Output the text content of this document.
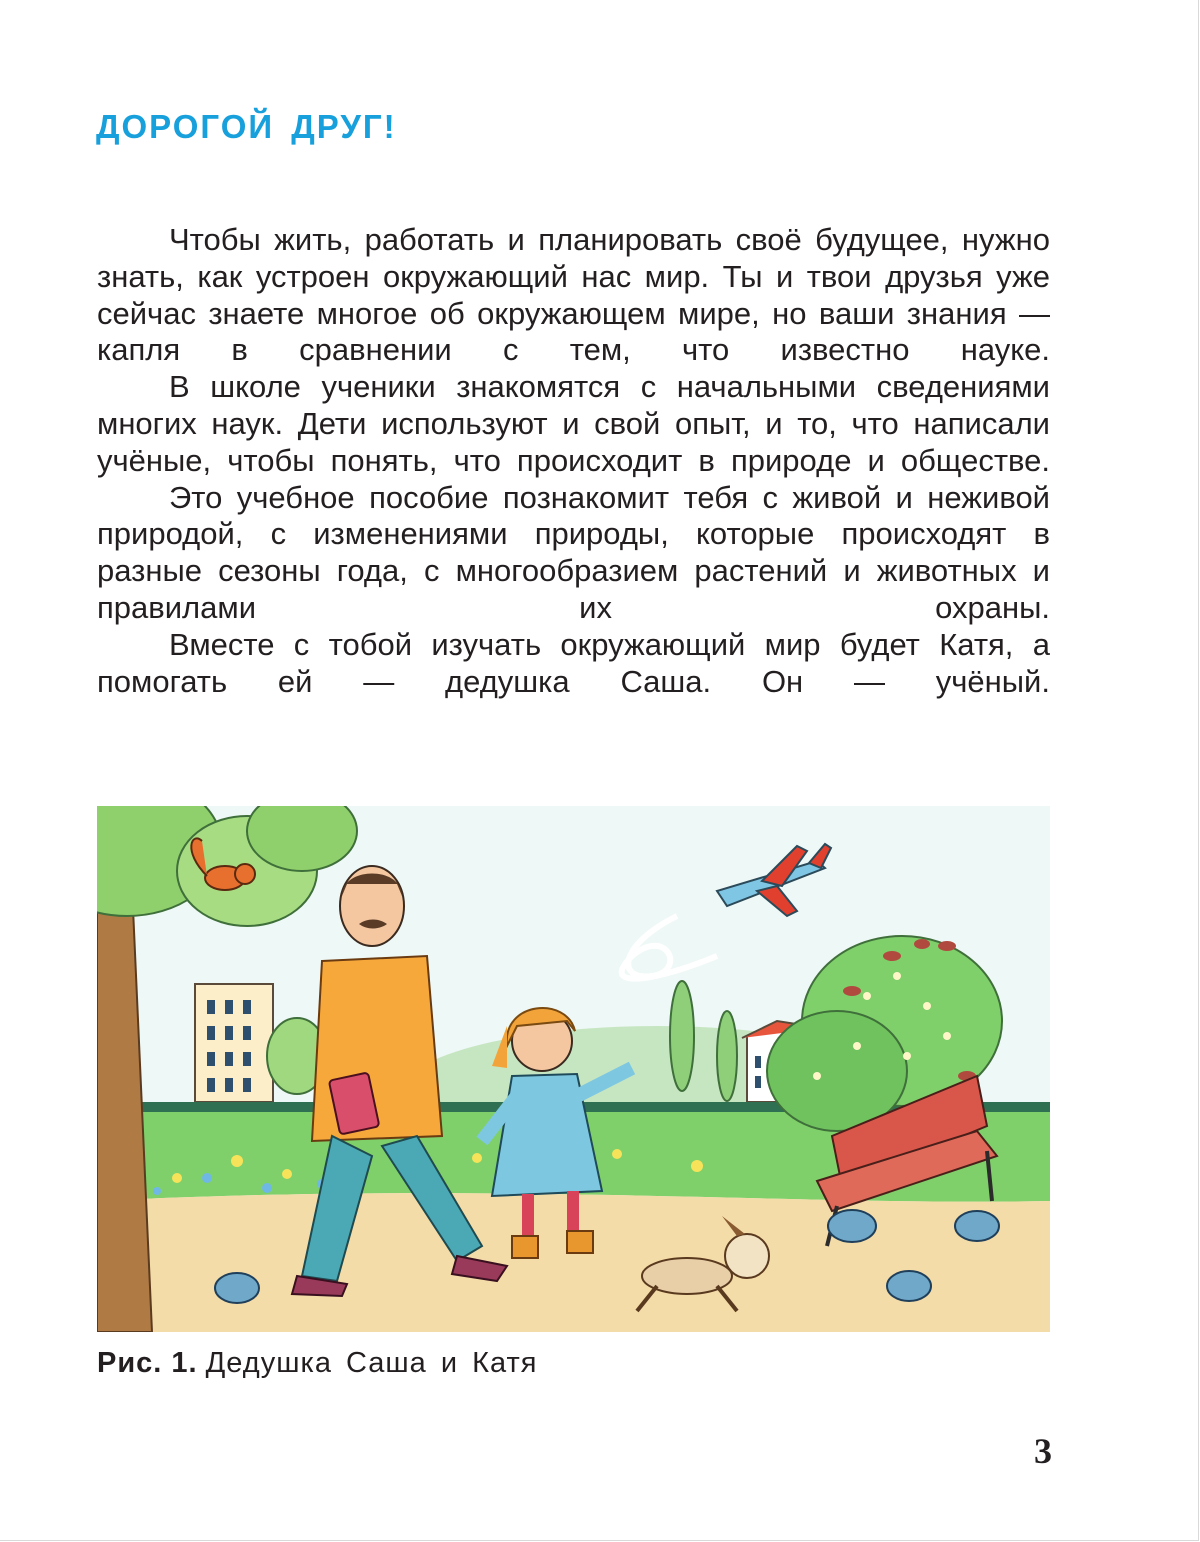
ДОРОГОЙ ДРУГ!

Чтобы жить, работать и планировать своё будущее, нужно знать, как устроен окружающий нас мир. Ты и твои друзья уже сейчас знаете многое об окружающем мире, но ваши знания — капля в сравнении с тем, что известно науке.

В школе ученики знакомятся с начальными сведениями многих наук. Дети используют и свой опыт, и то, что написали учёные, чтобы понять, что происходит в природе и обществе.

Это учебное пособие познакомит тебя с живой и неживой природой, с изменениями природы, которые происходят в разные сезоны года, с многообразием растений и животных и правилами их охраны.

Вместе с тобой изучать окружающий мир будет Катя, а помогать ей — дедушка Саша. Он — учёный.

Рис. 1. Дедушка Саша и Катя
3
